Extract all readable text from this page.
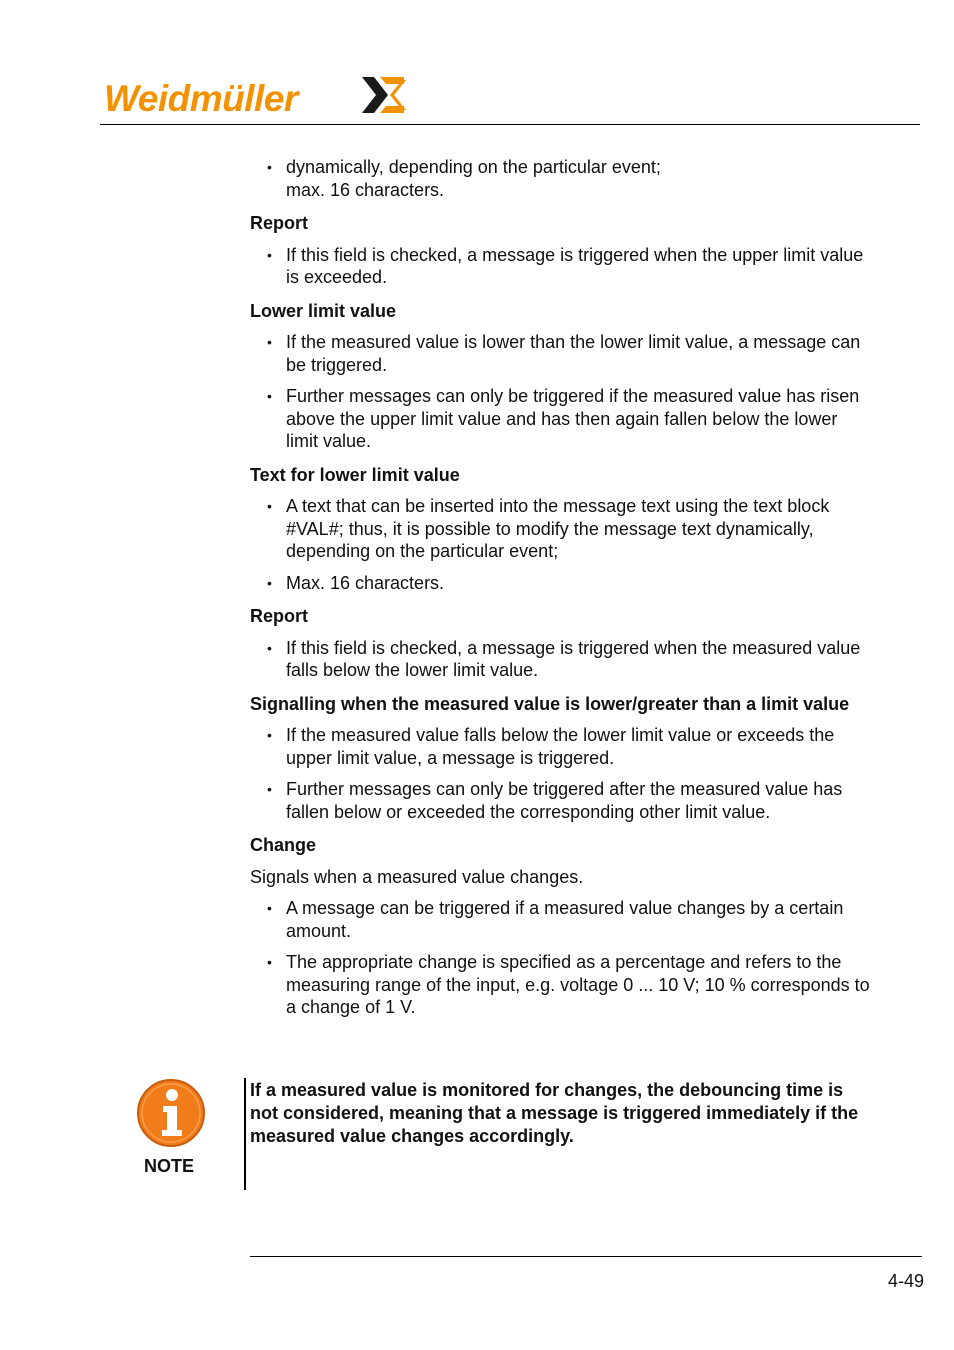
Weidmüller
• dynamically, depending on the particular event;
max. 16 characters.

Report

• If this field is checked, a message is triggered when the upper limit value is exceeded.

Lower limit value

• If the measured value is lower than the lower limit value, a message can be triggered.
• Further messages can only be triggered if the measured value has risen above the upper limit value and has then again fallen below the lower limit value.

Text for lower limit value

• A text that can be inserted into the message text using the text block #VAL#; thus, it is possible to modify the message text dynamically, depending on the particular event;
• Max. 16 characters.

Report

• If this field is checked, a message is triggered when the measured value falls below the lower limit value.

Signalling when the measured value is lower/greater than a limit value

• If the measured value falls below the lower limit value or exceeds the upper limit value, a message is triggered.
• Further messages can only be triggered after the measured value has fallen below or exceeded the corresponding other limit value.

Change

Signals when a measured value changes.

• A message can be triggered if a measured value changes by a certain amount.
• The appropriate change is specified as a percentage and refers to the measuring range of the input, e.g. voltage 0 ... 10 V; 10 % corresponds to a change of 1 V.
NOTE
If a measured value is monitored for changes, the debouncing time is not considered, meaning that a message is triggered immediately if the measured value changes accordingly.
4-49
